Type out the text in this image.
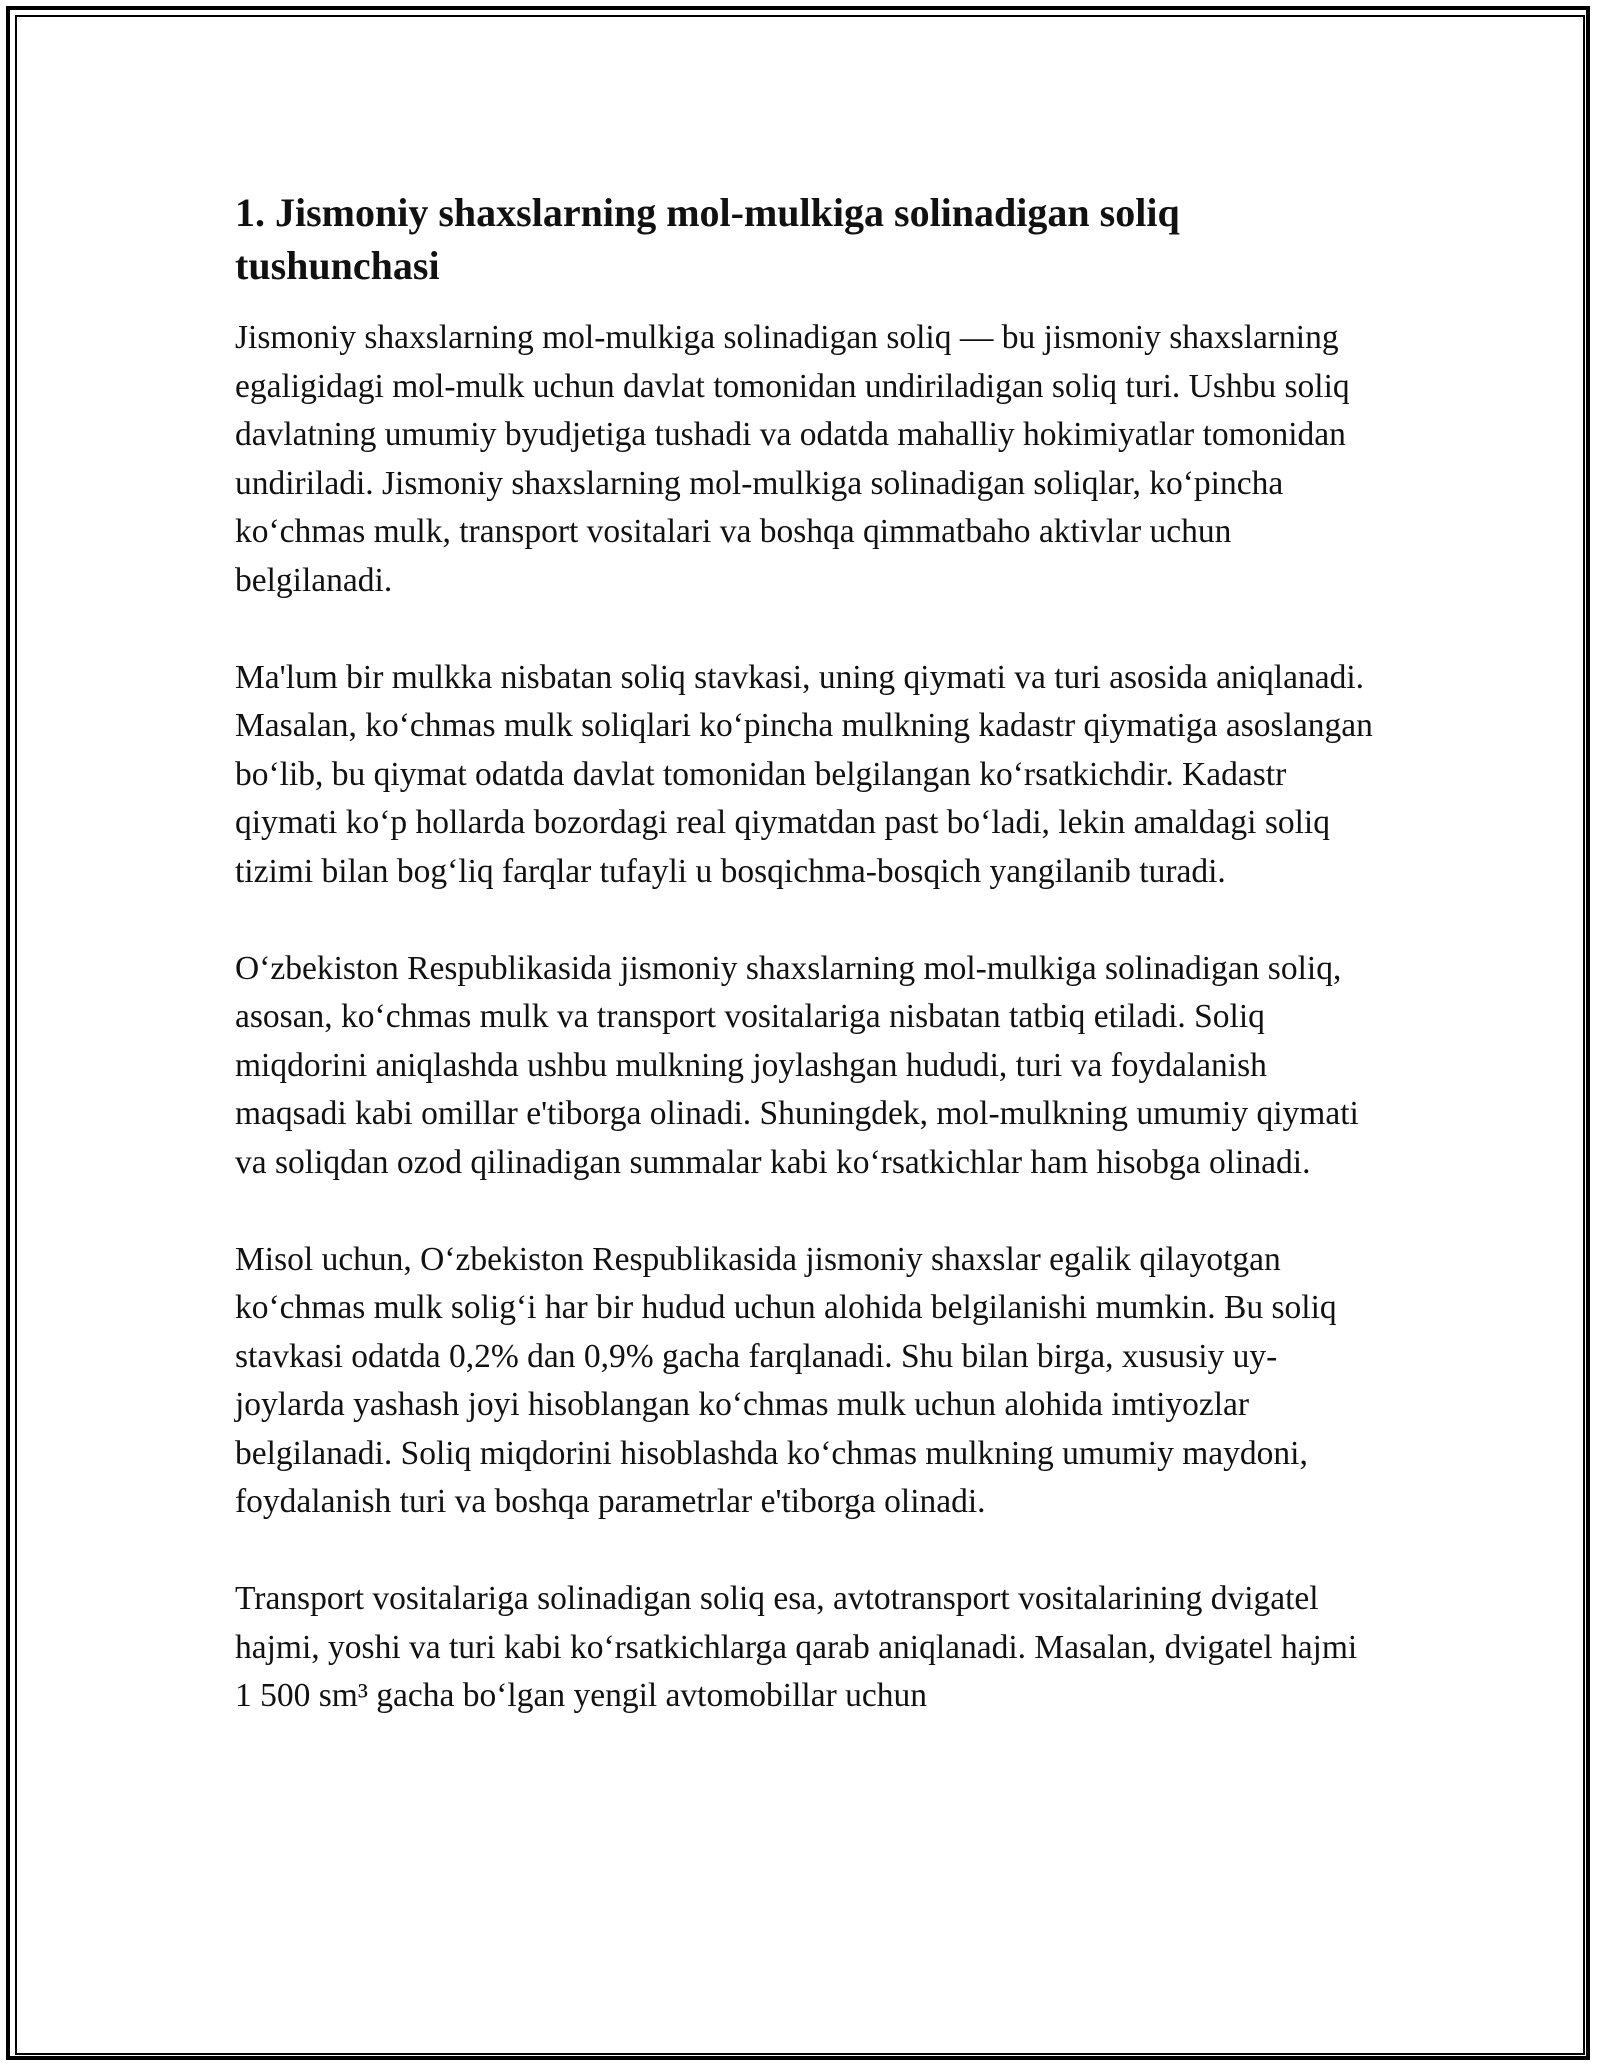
1. Jismoniy shaxslarning mol-mulkiga solinadigan soliq tushunchasi

Jismoniy shaxslarning mol-mulkiga solinadigan soliq — bu jismoniy shaxslarning egaligidagi mol-mulk uchun davlat tomonidan undiriladigan soliq turi. Ushbu soliq davlatning umumiy byudjetiga tushadi va odatda mahalliy hokimiyatlar tomonidan undiriladi. Jismoniy shaxslarning mol-mulkiga solinadigan soliqlar, ko‘pincha ko‘chmas mulk, transport vositalari va boshqa qimmatbaho aktivlar uchun belgilanadi.

Ma'lum bir mulkka nisbatan soliq stavkasi, uning qiymati va turi asosida aniqlanadi. Masalan, ko‘chmas mulk soliqlari ko‘pincha mulkning kadastr qiymatiga asoslangan bo‘lib, bu qiymat odatda davlat tomonidan belgilangan ko‘rsatkichdir. Kadastr qiymati ko‘p hollarda bozordagi real qiymatdan past bo‘ladi, lekin amaldagi soliq tizimi bilan bog‘liq farqlar tufayli u bosqichma-bosqich yangilanib turadi.

O‘zbekiston Respublikasida jismoniy shaxslarning mol-mulkiga solinadigan soliq, asosan, ko‘chmas mulk va transport vositalariga nisbatan tatbiq etiladi. Soliq miqdorini aniqlashda ushbu mulkning joylashgan hududi, turi va foydalanish maqsadi kabi omillar e'tiborga olinadi. Shuningdek, mol-mulkning umumiy qiymati va soliqdan ozod qilinadigan summalar kabi ko‘rsatkichlar ham hisobga olinadi.

Misol uchun, O‘zbekiston Respublikasida jismoniy shaxslar egalik qilayotgan ko‘chmas mulk solig‘i har bir hudud uchun alohida belgilanishi mumkin. Bu soliq stavkasi odatda 0,2% dan 0,9% gacha farqlanadi. Shu bilan birga, xususiy uy-joylarda yashash joyi hisoblangan ko‘chmas mulk uchun alohida imtiyozlar belgilanadi. Soliq miqdorini hisoblashda ko‘chmas mulkning umumiy maydoni, foydalanish turi va boshqa parametrlar e'tiborga olinadi.

Transport vositalariga solinadigan soliq esa, avtotransport vositalarining dvigatel hajmi, yoshi va turi kabi ko‘rsatkichlarga qarab aniqlanadi. Masalan, dvigatel hajmi 1 500 sm³ gacha bo‘lgan yengil avtomobillar uchun
